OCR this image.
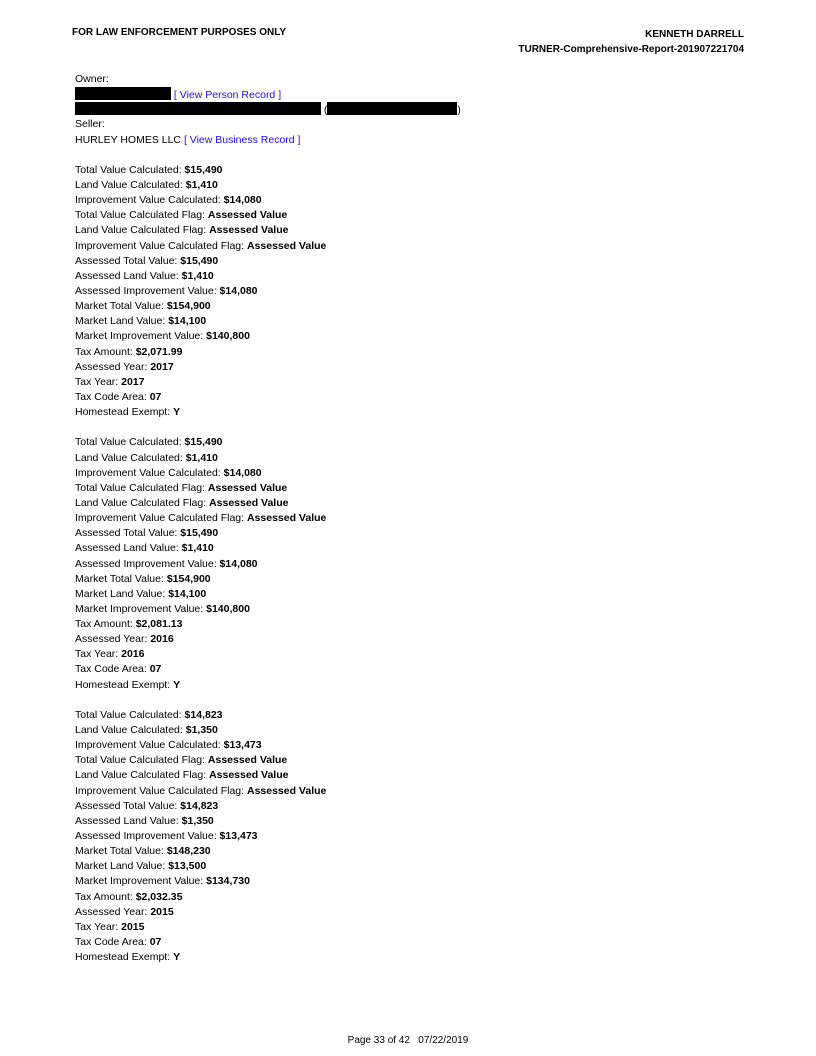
FOR LAW ENFORCEMENT PURPOSES ONLY	KENNETH DARRELL
TURNER-Comprehensive-Report-201907221704
Owner:
[ View Person Record ]
(	)
Seller:
HURLEY HOMES LLC [ View Business Record ]
Total Value Calculated: $15,490
Land Value Calculated: $1,410
Improvement Value Calculated: $14,080
Total Value Calculated Flag: Assessed Value
Land Value Calculated Flag: Assessed Value
Improvement Value Calculated Flag: Assessed Value
Assessed Total Value: $15,490
Assessed Land Value: $1,410
Assessed Improvement Value: $14,080
Market Total Value: $154,900
Market Land Value: $14,100
Market Improvement Value: $140,800
Tax Amount: $2,071.99
Assessed Year: 2017
Tax Year: 2017
Tax Code Area: 07
Homestead Exempt: Y
Total Value Calculated: $15,490
Land Value Calculated: $1,410
Improvement Value Calculated: $14,080
Total Value Calculated Flag: Assessed Value
Land Value Calculated Flag: Assessed Value
Improvement Value Calculated Flag: Assessed Value
Assessed Total Value: $15,490
Assessed Land Value: $1,410
Assessed Improvement Value: $14,080
Market Total Value: $154,900
Market Land Value: $14,100
Market Improvement Value: $140,800
Tax Amount: $2,081.13
Assessed Year: 2016
Tax Year: 2016
Tax Code Area: 07
Homestead Exempt: Y
Total Value Calculated: $14,823
Land Value Calculated: $1,350
Improvement Value Calculated: $13,473
Total Value Calculated Flag: Assessed Value
Land Value Calculated Flag: Assessed Value
Improvement Value Calculated Flag: Assessed Value
Assessed Total Value: $14,823
Assessed Land Value: $1,350
Assessed Improvement Value: $13,473
Market Total Value: $148,230
Market Land Value: $13,500
Market Improvement Value: $134,730
Tax Amount: $2,032.35
Assessed Year: 2015
Tax Year: 2015
Tax Code Area: 07
Homestead Exempt: Y
Page 33 of 42 07/22/2019
